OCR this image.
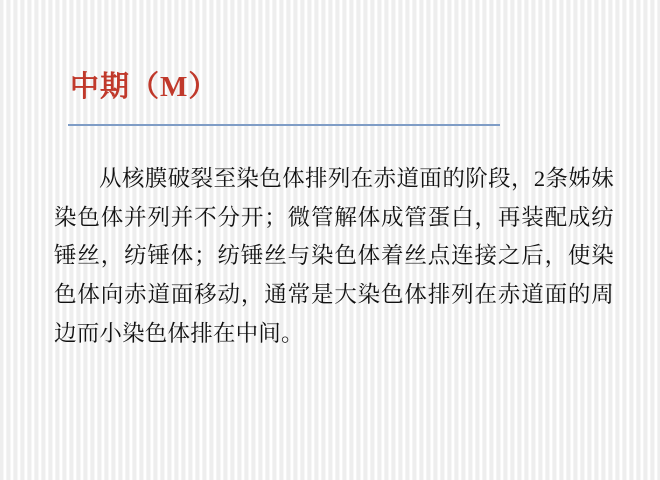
中期（M）
从核膜破裂至染色体排列在赤道面的阶段，2条姊妹染色体并列并不分开；微管解体成管蛋白，再装配成纺锤丝，纺锤体；纺锤丝与染色体着丝点连接之后，使染色体向赤道面移动，通常是大染色体排列在赤道面的周边而小染色体排在中间。
